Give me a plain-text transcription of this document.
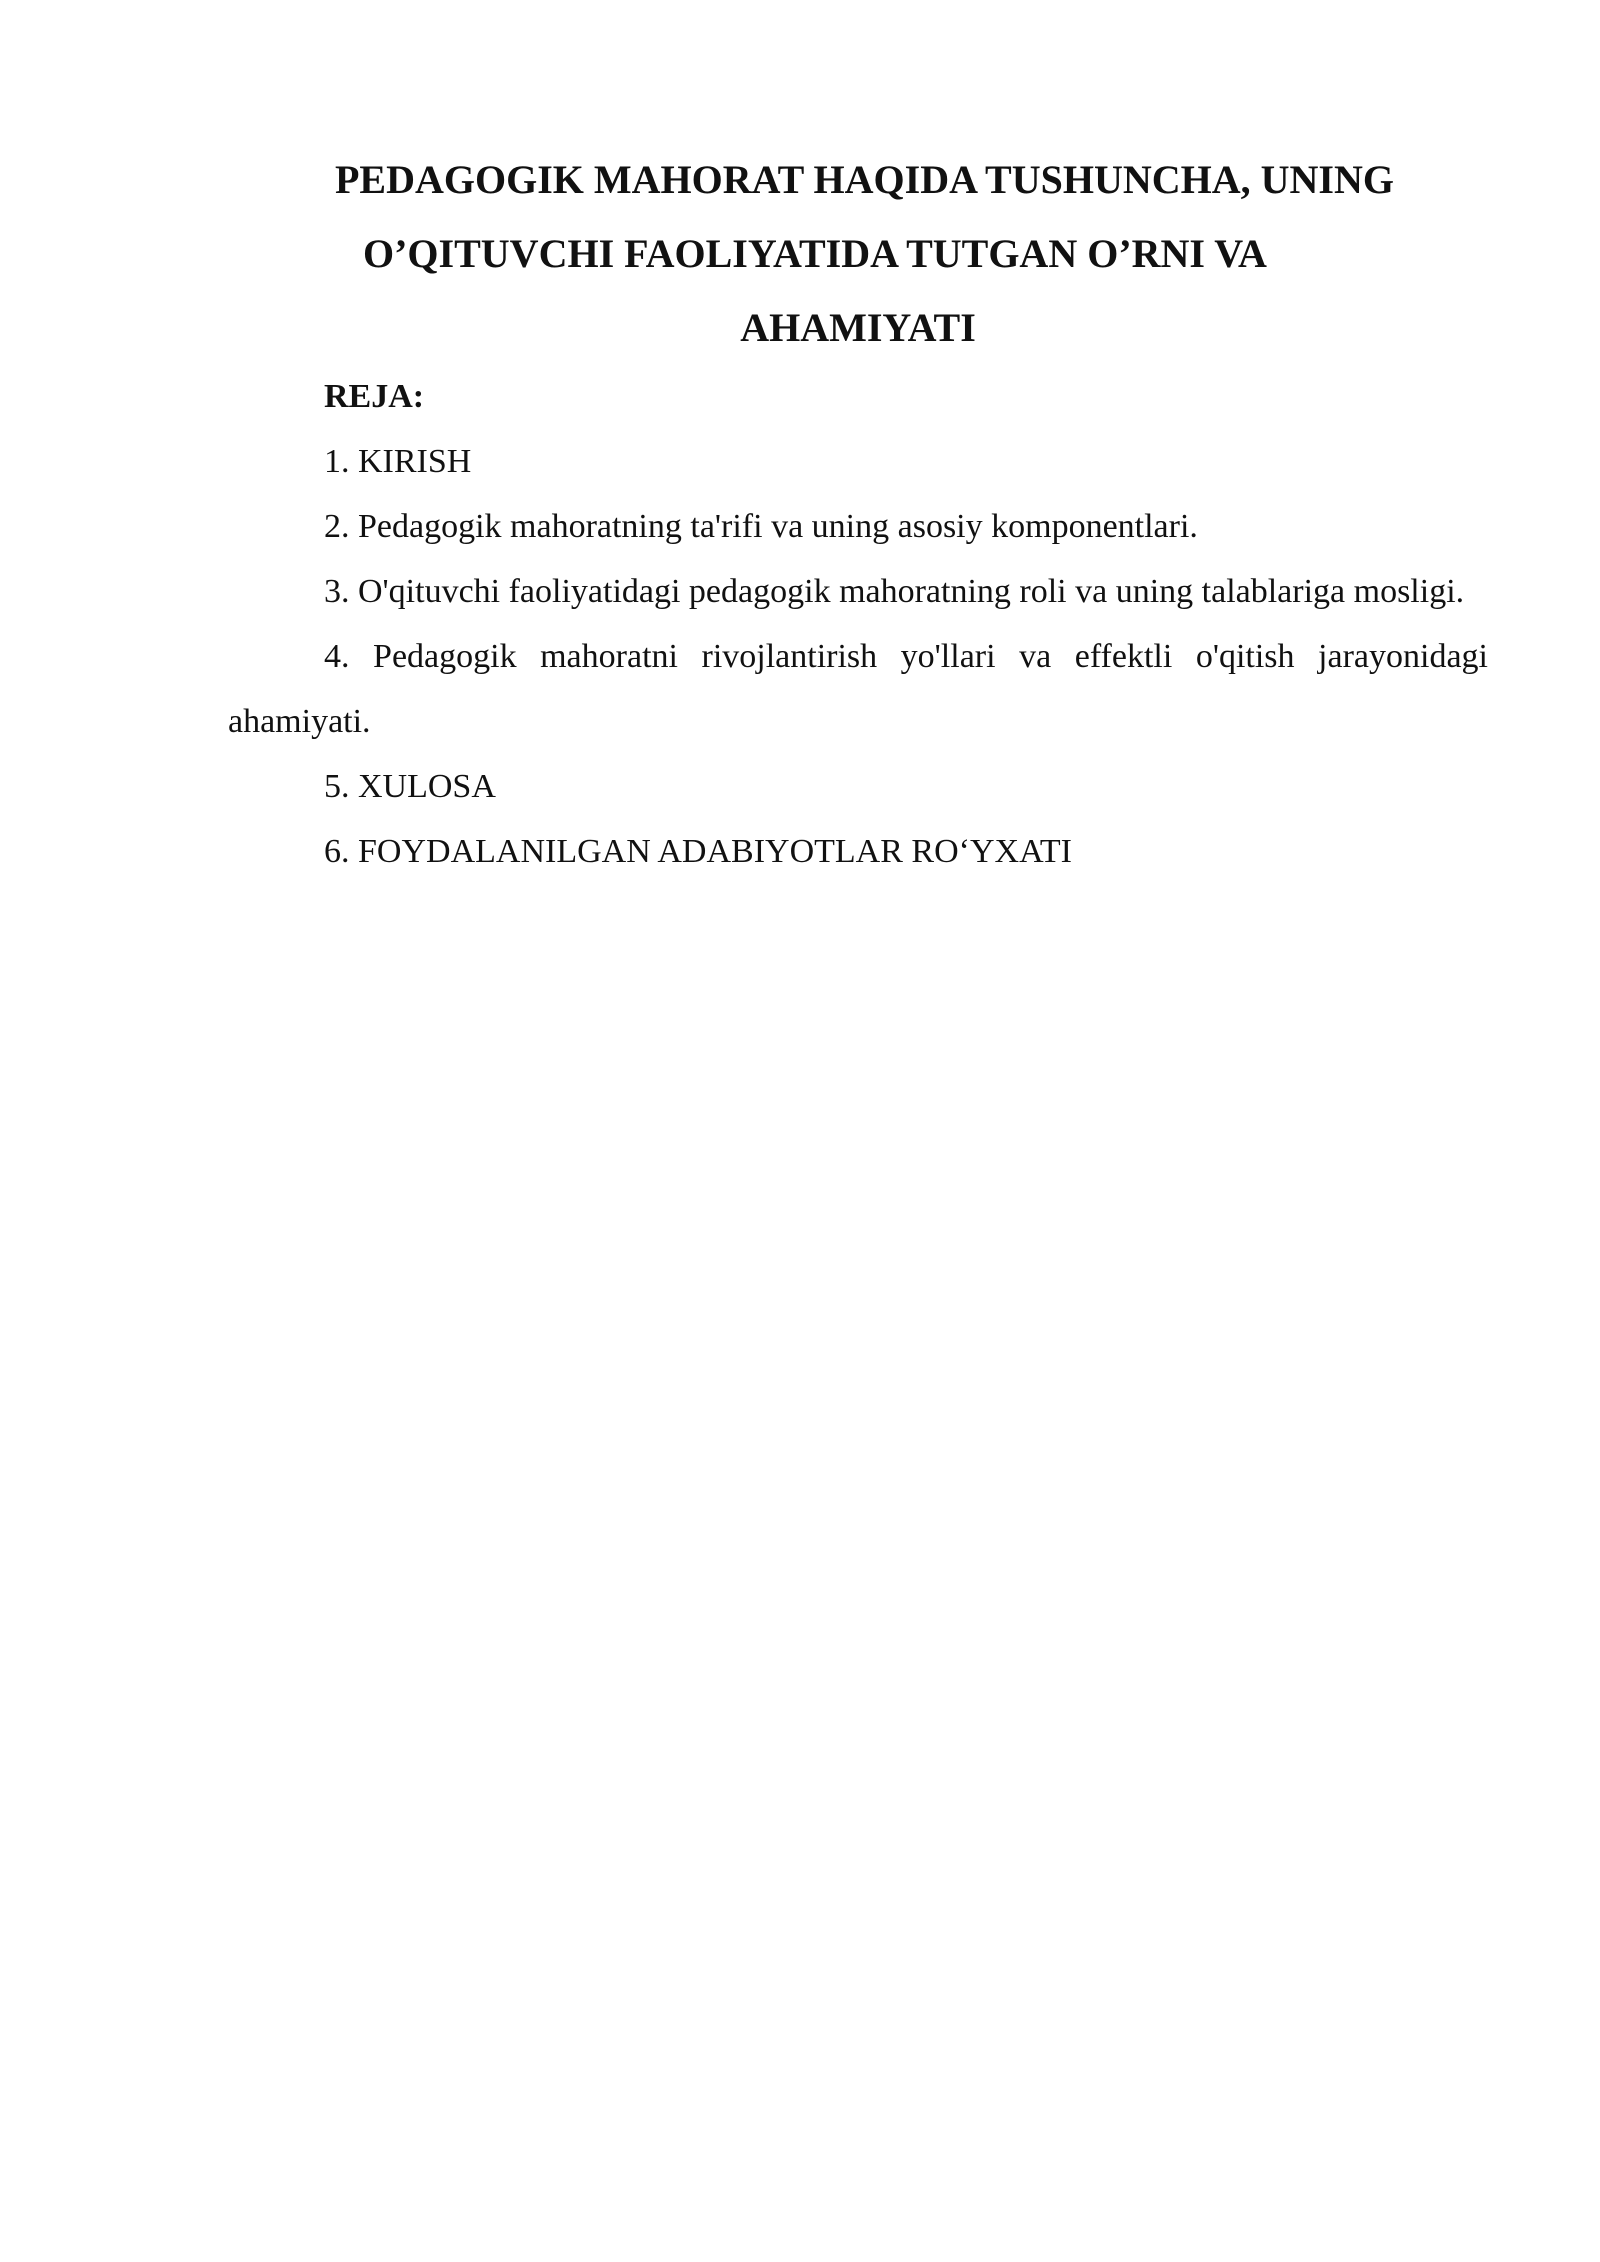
PEDAGOGIK MAHORAT HAQIDA TUSHUNCHA, UNING
O’QITUVCHI FAOLIYATIDA TUTGAN O’RNI VA
AHAMIYATI

REJA:

1. KIRISH

2. Pedagogik mahoratning ta'rifi va uning asosiy komponentlari.

3. O'qituvchi faoliyatidagi pedagogik mahoratning roli va uning talablariga mosligi.

4. Pedagogik mahoratni rivojlantirish yo'llari va effektli o'qitish jarayonidagi ahamiyati.

5. XULOSA

6. FOYDALANILGAN ADABIYOTLAR RO‘YXATI
